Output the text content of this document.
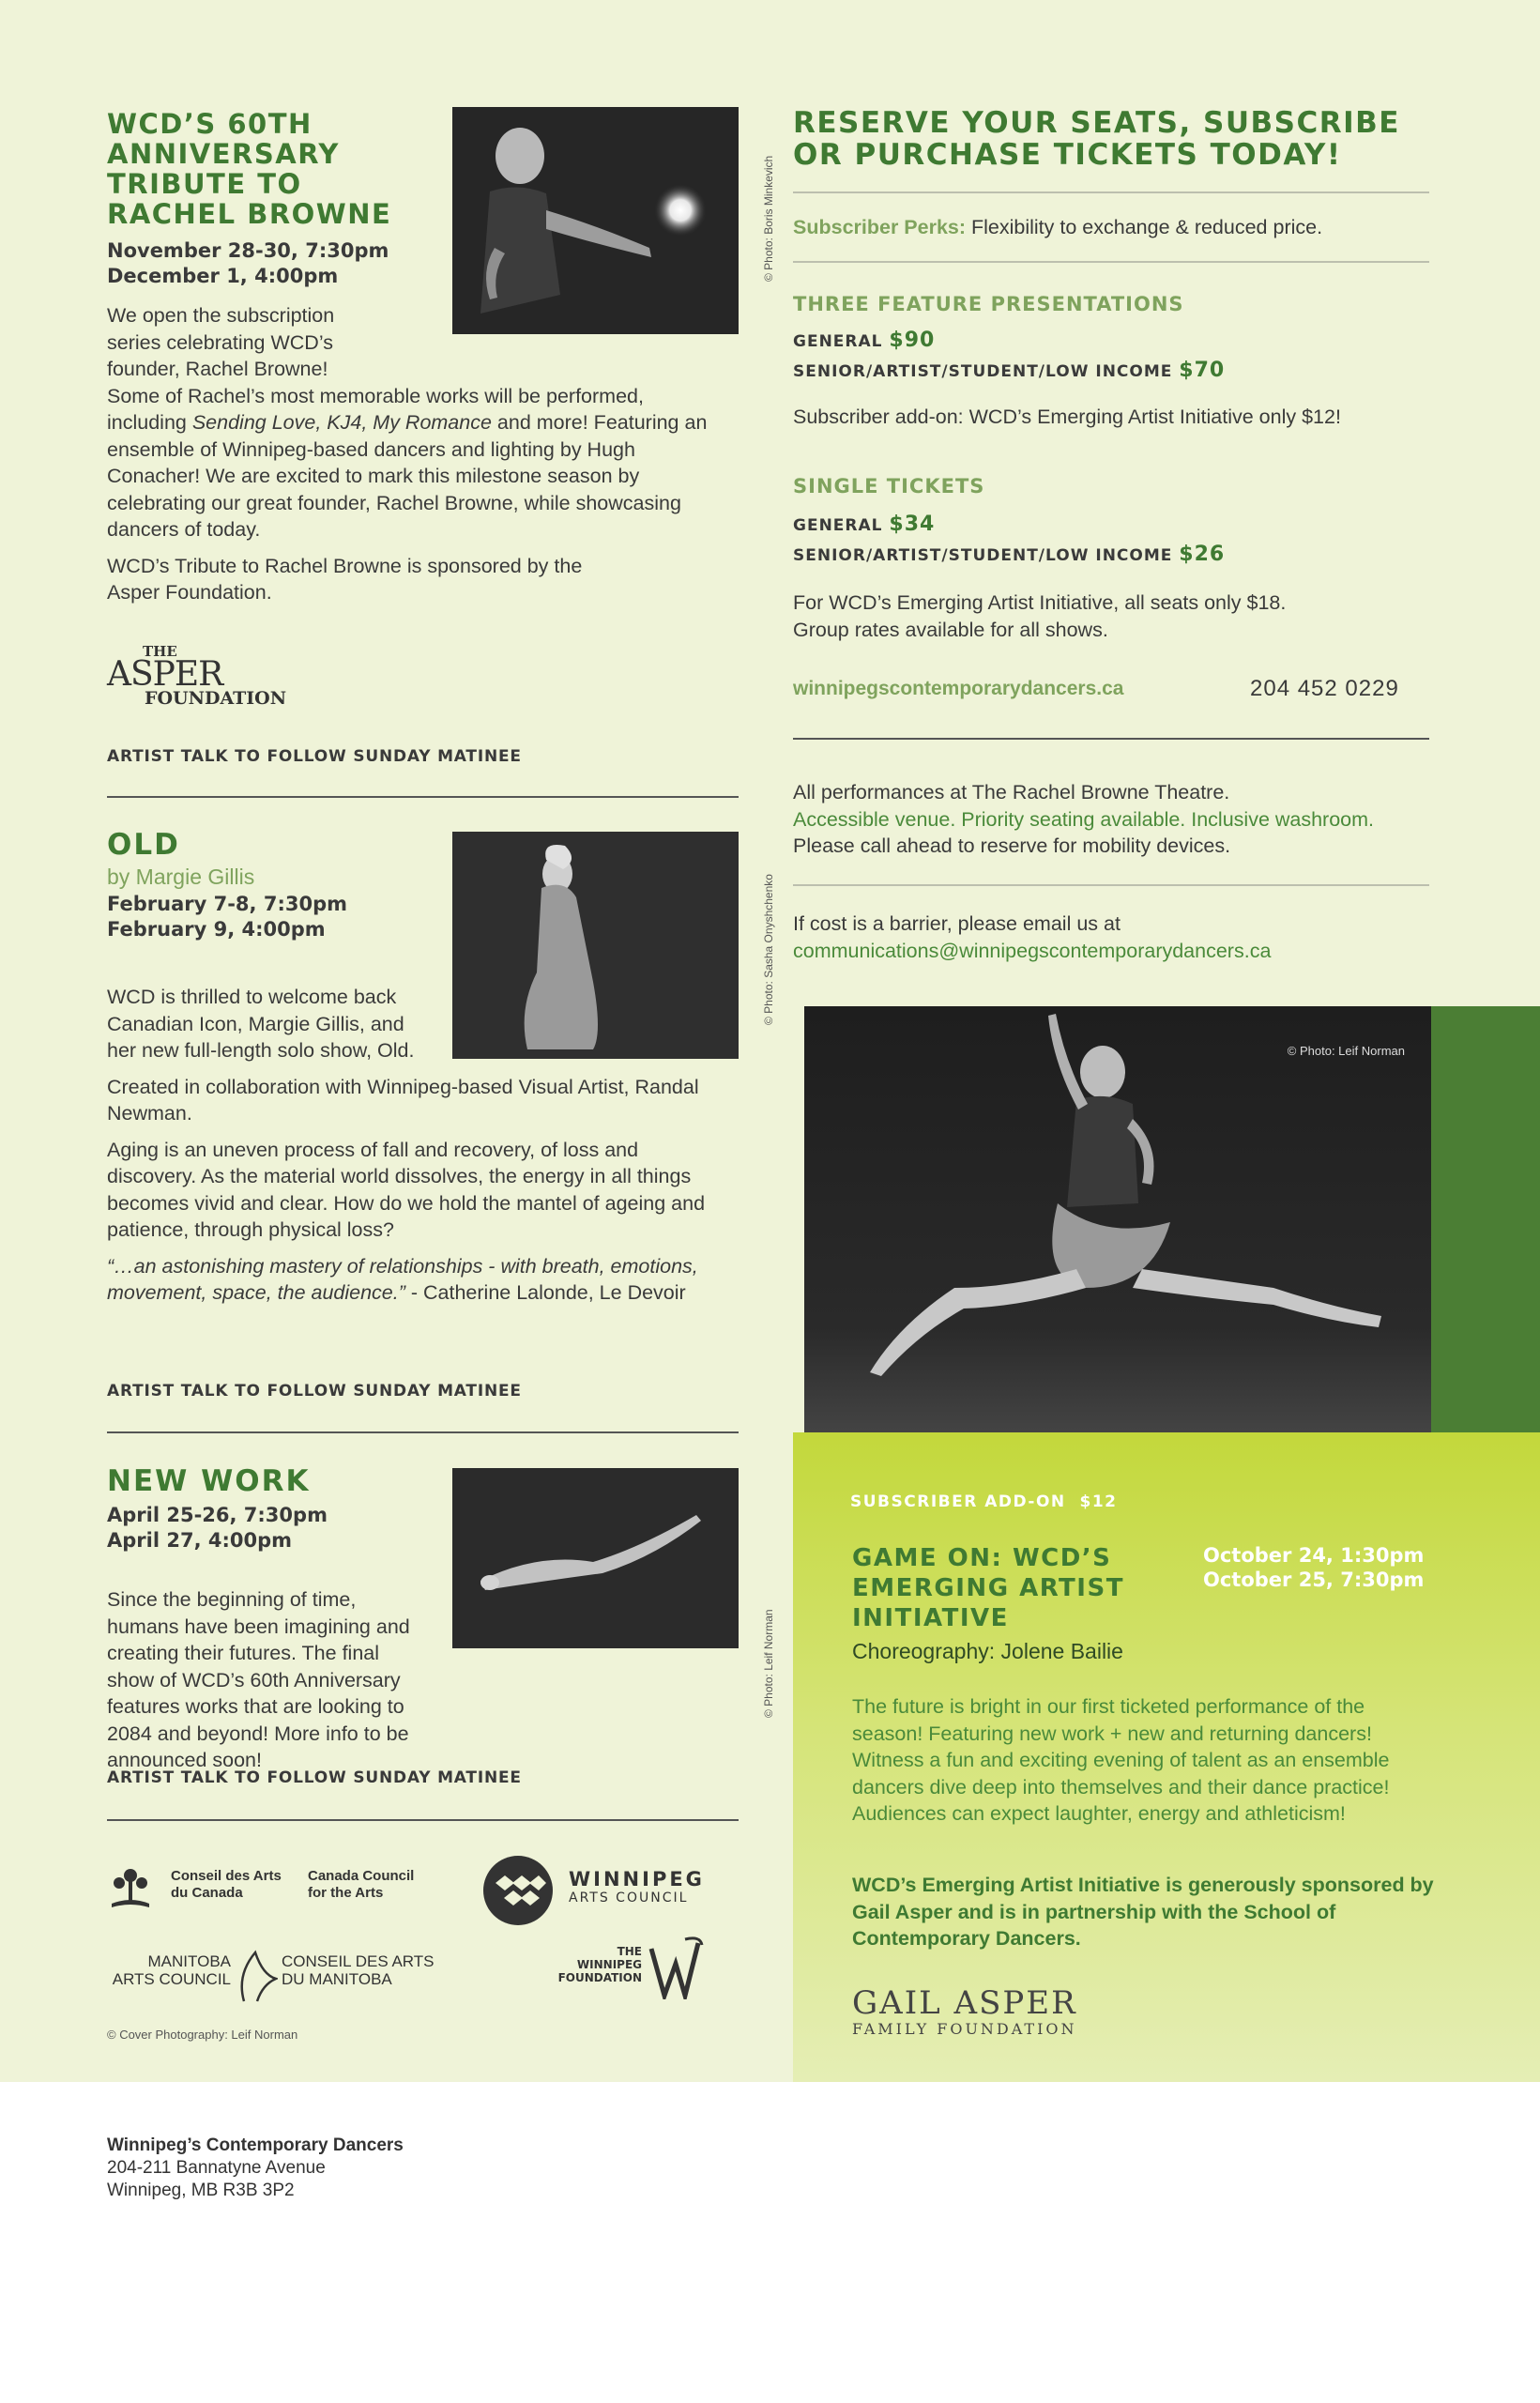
WCD’S 60TH
ANNIVERSARY
TRIBUTE TO
RACHEL BROWNE
November 28-30, 7:30pm
December 1, 4:00pm	© Photo: Boris Minkevich
We open the subscription series celebrating WCD’s founder, Rachel Browne!

Some of Rachel’s most memorable works will be performed, including Sending Love, KJ4, My Romance and more! Featuring an ensemble of Winnipeg-based dancers and lighting by Hugh Conacher! We are excited to mark this milestone season by celebrating our great founder, Rachel Browne, while showcasing dancers of today.

WCD’s Tribute to Rachel Browne is sponsored by the Asper Foundation.

THE
ASPER
FOUNDATION
ARTIST TALK TO FOLLOW SUNDAY MATINEE
OLD
by Margie Gillis
February 7-8, 7:30pm
February 9, 4:00pm	© Photo: Sasha Onyshchenko

WCD is thrilled to welcome back Canadian Icon, Margie Gillis, and her new full-length solo show, Old.

Created in collaboration with Winnipeg-based Visual Artist, Randal Newman.

Aging is an uneven process of fall and recovery, of loss and discovery. As the material world dissolves, the energy in all things becomes vivid and clear. How do we hold the mantel of ageing and patience, through physical loss?

“…an astonishing mastery of relationships - with breath, emotions, movement, space, the audience.” - Catherine Lalonde, Le Devoir

ARTIST TALK TO FOLLOW SUNDAY MATINEE
NEW WORK
April 25-26, 7:30pm
April 27, 4:00pm
© Photo: Leif Norman

Since the beginning of time, humans have been imagining and creating their futures. The final show of WCD’s 60th Anniversary features works that are looking to 2084 and beyond! More info to be announced soon!

ARTIST TALK TO FOLLOW SUNDAY MATINEE
Conseil des Arts
du Canada
Canada Council
for the Arts
WINNIPEG
ARTS COUNCIL
MANITOBA
ARTS COUNCIL
CONSEIL DES ARTS
DU MANITOBA
THE
WINNIPEG
FOUNDATION
© Cover Photography: Leif Norman
RESERVE YOUR SEATS, SUBSCRIBE
OR PURCHASE TICKETS TODAY!
Subscriber Perks: Flexibility to exchange & reduced price.
THREE FEATURE PRESENTATIONS
GENERAL $90
SENIOR/ARTIST/STUDENT/LOW INCOME $70
Subscriber add-on: WCD’s Emerging Artist Initiative only $12!
SINGLE TICKETS
GENERAL $34
SENIOR/ARTIST/STUDENT/LOW INCOME $26
For WCD’s Emerging Artist Initiative, all seats only $18.
Group rates available for all shows.
winnipegscontemporarydancers.ca	204 452 0229
All performances at The Rachel Browne Theatre.
Accessible venue. Priority seating available. Inclusive washroom.
Please call ahead to reserve for mobility devices.
If cost is a barrier, please email us at
communications@winnipegscontemporarydancers.ca
© Photo: Leif Norman
SUBSCRIBER ADD-ON  $12
GAME ON: WCD’S
EMERGING ARTIST
INITIATIVE
October 24, 1:30pm
October 25, 7:30pm
Choreography: Jolene Bailie
The future is bright in our first ticketed performance of the season! Featuring new work + new and returning dancers! Witness a fun and exciting evening of talent as an ensemble dancers dive deep into themselves and their dance practice! Audiences can expect laughter, energy and athleticism!
WCD’s Emerging Artist Initiative is generously sponsored by Gail Asper and is in partnership with the School of Contemporary Dancers.
GAIL ASPER
FAMILY FOUNDATION
Winnipeg’s Contemporary Dancers
204-211 Bannatyne Avenue
Winnipeg, MB R3B 3P2
